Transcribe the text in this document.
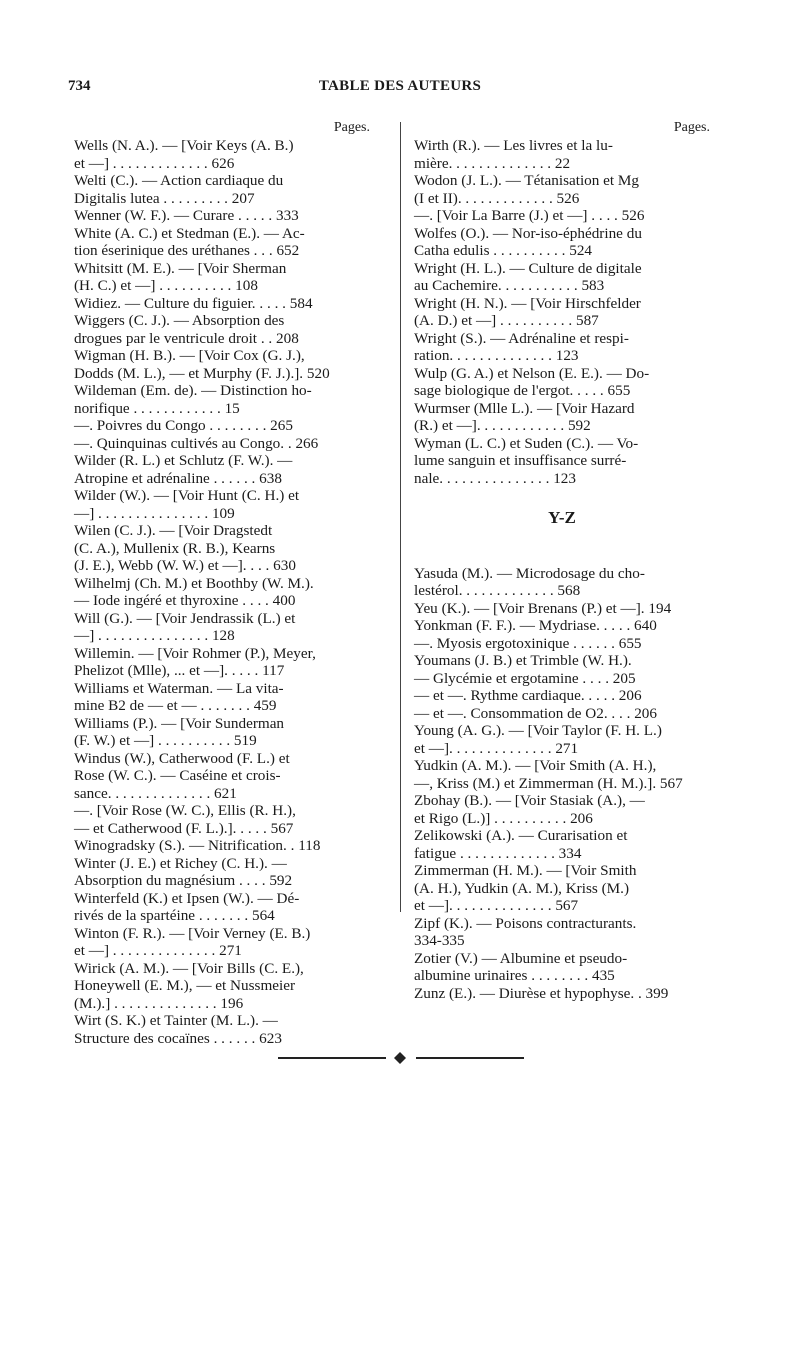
734	TABLE DES AUTEURS
Pages.
Wells (N. A.). — [Voir Keys (A. B.)
et —] . . . . . . . . . . . . . 626
Welti (C.). — Action cardiaque du
Digitalis lutea . . . . . . . . . 207
Wenner (W. F.). — Curare . . . . . 333
White (A. C.) et Stedman (E.). — Ac-
tion éserinique des uréthanes . . . 652
Whitsitt (M. E.). — [Voir Sherman
(H. C.) et —] . . . . . . . . . . 108
Widiez. — Culture du figuier. . . . . 584
Wiggers (C. J.). — Absorption des
drogues par le ventricule droit . . 208
Wigman (H. B.). — [Voir Cox (G. J.),
Dodds (M. L.), — et Murphy (F. J.).]. 520
Wildeman (Em. de). — Distinction ho-
norifique . . . . . . . . . . . . 15
—. Poivres du Congo . . . . . . . . 265
—. Quinquinas cultivés au Congo. . 266
Wilder (R. L.) et Schlutz (F. W.). —
Atropine et adrénaline . . . . . . 638
Wilder (W.). — [Voir Hunt (C. H.) et
—] . . . . . . . . . . . . . . . 109
Wilen (C. J.). — [Voir Dragstedt
(C. A.), Mullenix (R. B.), Kearns
(J. E.), Webb (W. W.) et —]. . . . 630
Wilhelmj (Ch. M.) et Boothby (W. M.).
— Iode ingéré et thyroxine . . . . 400
Will (G.). — [Voir Jendrassik (L.) et
—] . . . . . . . . . . . . . . . 128
Willemin. — [Voir Rohmer (P.), Meyer,
Phelizot (Mlle), ... et —]. . . . . 117
Williams et Waterman. — La vita-
mine B2 de — et — . . . . . . . 459
Williams (P.). — [Voir Sunderman
(F. W.) et —] . . . . . . . . . . 519
Windus (W.), Catherwood (F. L.) et
Rose (W. C.). — Caséine et crois-
sance. . . . . . . . . . . . . . 621
—. [Voir Rose (W. C.), Ellis (R. H.),
— et Catherwood (F. L.).]. . . . . 567
Winogradsky (S.). — Nitrification. . 118
Winter (J. E.) et Richey (C. H.). —
Absorption du magnésium . . . . 592
Winterfeld (K.) et Ipsen (W.). — Dé-
rivés de la spartéine . . . . . . . 564
Winton (F. R.). — [Voir Verney (E. B.)
et —] . . . . . . . . . . . . . . 271
Wirick (A. M.). — [Voir Bills (C. E.),
Honeywell (E. M.), — et Nussmeier
(M.).] . . . . . . . . . . . . . . 196
Wirt (S. K.) et Tainter (M. L.). —
Structure des cocaïnes . . . . . . 623
Pages.
Wirth (R.). — Les livres et la lu-
mière. . . . . . . . . . . . . . 22
Wodon (J. L.). — Tétanisation et Mg
(I et II). . . . . . . . . . . . . 526
—. [Voir La Barre (J.) et —] . . . . 526
Wolfes (O.). — Nor-iso-éphédrine du
Catha edulis . . . . . . . . . . 524
Wright (H. L.). — Culture de digitale
au Cachemire. . . . . . . . . . . 583
Wright (H. N.). — [Voir Hirschfelder
(A. D.) et —] . . . . . . . . . . 587
Wright (S.). — Adrénaline et respi-
ration. . . . . . . . . . . . . . 123
Wulp (G. A.) et Nelson (E. E.). — Do-
sage biologique de l'ergot. . . . . 655
Wurmser (Mlle L.). — [Voir Hazard
(R.) et —]. . . . . . . . . . . . 592
Wyman (L. C.) et Suden (C.). — Vo-
lume sanguin et insuffisance surré-
nale. . . . . . . . . . . . . . . 123
Y-Z
Yasuda (M.). — Microdosage du cho-
lestérol. . . . . . . . . . . . . 568
Yeu (K.). — [Voir Brenans (P.) et —]. 194
Yonkman (F. F.). — Mydriase. . . . . 640
—. Myosis ergotoxinique . . . . . . 655
Youmans (J. B.) et Trimble (W. H.).
— Glycémie et ergotamine . . . . 205
— et —. Rythme cardiaque. . . . . 206
— et —. Consommation de O2. . . . 206
Young (A. G.). — [Voir Taylor (F. H. L.)
et —]. . . . . . . . . . . . . . 271
Yudkin (A. M.). — [Voir Smith (A. H.),
—, Kriss (M.) et Zimmerman (H. M.).]. 567
Zbohay (B.). — [Voir Stasiak (A.), —
et Rigo (L.)] . . . . . . . . . . 206
Zelikowski (A.). — Curarisation et
fatigue . . . . . . . . . . . . . 334
Zimmerman (H. M.). — [Voir Smith
(A. H.), Yudkin (A. M.), Kriss (M.)
et —]. . . . . . . . . . . . . . 567
Zipf (K.). — Poisons contracturants.
334-335
Zotier (V.) — Albumine et pseudo-
albumine urinaires . . . . . . . . 435
Zunz (E.). — Diurèse et hypophyse. . 399
